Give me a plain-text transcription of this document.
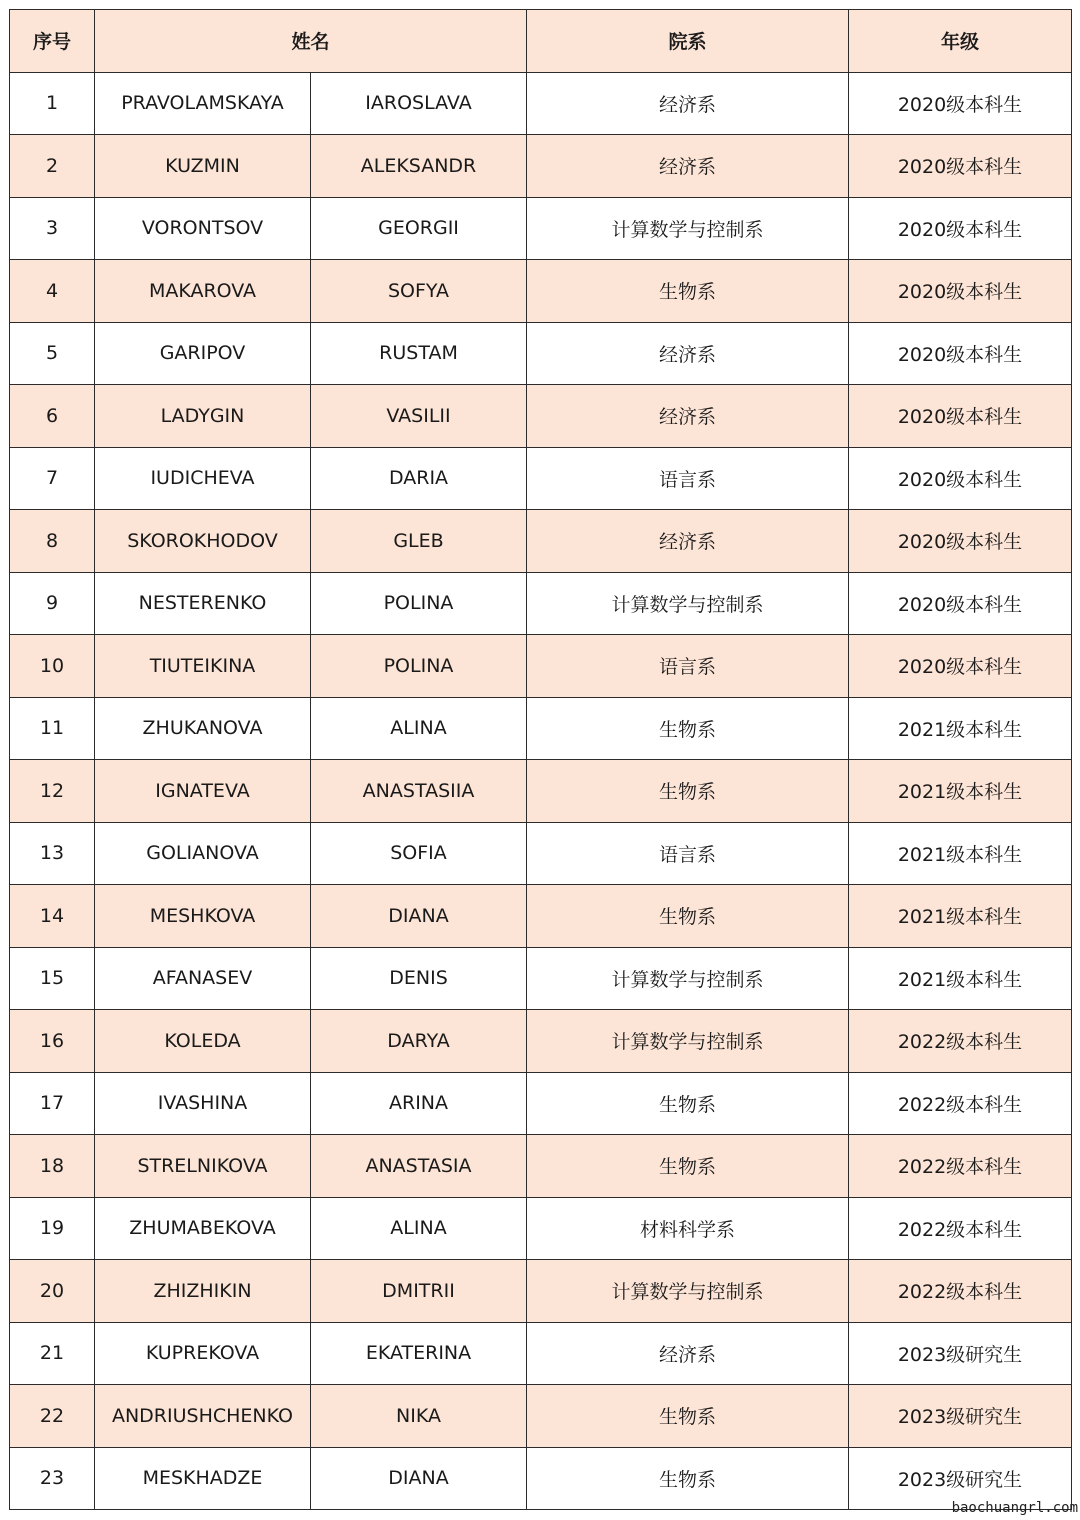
序号	姓名		院系	年级
1	PRAVOLAMSKAYA	IAROSLAVA	经济系	2020级本科生
2	KUZMIN	ALEKSANDR	经济系	2020级本科生
3	VORONTSOV	GEORGII	计算数学与控制系	2020级本科生
4	MAKAROVA	SOFYA	生物系	2020级本科生
5	GARIPOV	RUSTAM	经济系	2020级本科生
6	LADYGIN	VASILII	经济系	2020级本科生
7	IUDICHEVA	DARIA	语言系	2020级本科生
8	SKOROKHODOV	GLEB	经济系	2020级本科生
9	NESTERENKO	POLINA	计算数学与控制系	2020级本科生
10	TIUTEIKINA	POLINA	语言系	2020级本科生
11	ZHUKANOVA	ALINA	生物系	2021级本科生
12	IGNATEVA	ANASTASIIA	生物系	2021级本科生
13	GOLIANOVA	SOFIA	语言系	2021级本科生
14	MESHKOVA	DIANA	生物系	2021级本科生
15	AFANASEV	DENIS	计算数学与控制系	2021级本科生
16	KOLEDA	DARYA	计算数学与控制系	2022级本科生
17	IVASHINA	ARINA	生物系	2022级本科生
18	STRELNIKOVA	ANASTASIA	生物系	2022级本科生
19	ZHUMABEKOVA	ALINA	材料科学系	2022级本科生
20	ZHIZHIKIN	DMITRII	计算数学与控制系	2022级本科生
21	KUPREKOVA	EKATERINA	经济系	2023级研究生
22	ANDRIUSHCHENKO	NIKA	生物系	2023级研究生
23	MESKHADZE	DIANA	生物系	2023级研究生
baochuangrl.com
